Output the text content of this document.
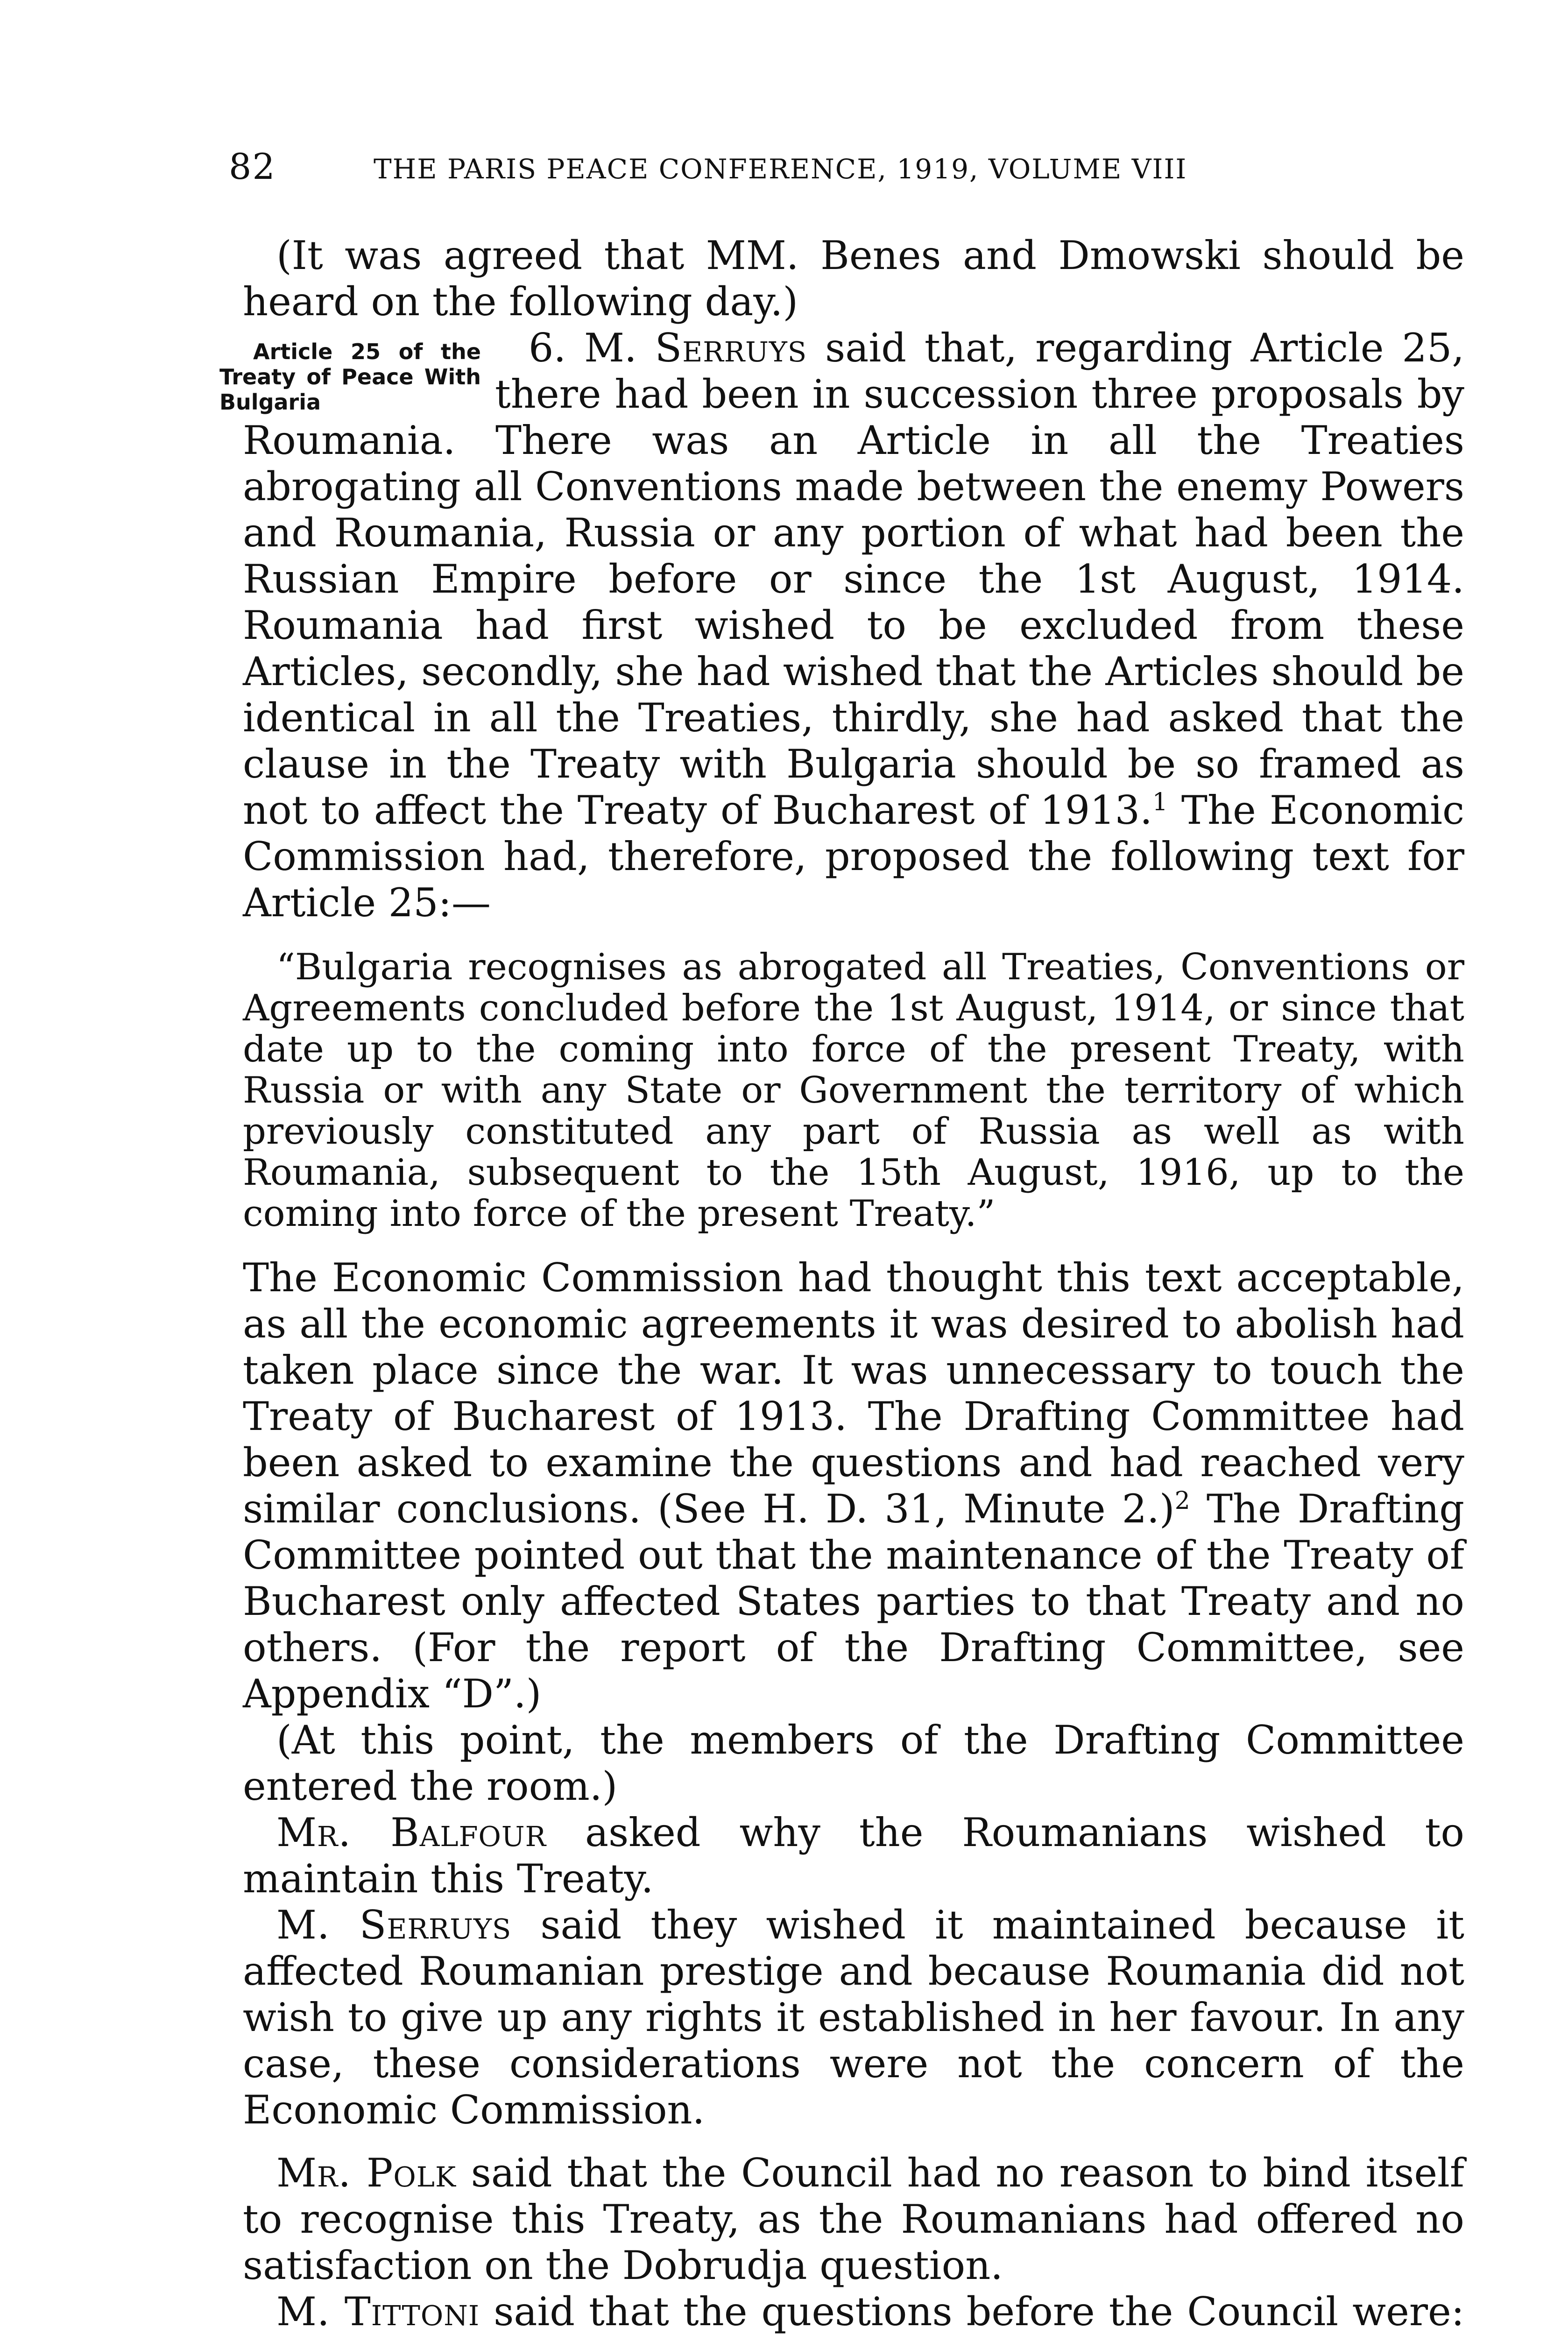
82	THE PARIS PEACE CONFERENCE, 1919, VOLUME VIII

(It was agreed that MM. Benes and Dmowski should be heard on the following day.)

6. M. Serruys
Article 25 of the Treaty of Peace With Bulgaria
said that, regarding Article 25, there had been in succession three proposals by Roumania. There was an Article in all the Treaties abrogating all Conventions made between the enemy Powers and Roumania, Russia or any portion of what had been the Russian Empire before or since the 1st August, 1914. Roumania had first wished to be excluded from these Articles, secondly, she had wished that the Articles should be identical in all the Treaties, thirdly, she had asked that the clause in the Treaty with Bulgaria should be so framed as not to affect the Treaty of Bucharest of 1913.$^1$ The Economic Commission had, therefore, proposed the following text for Article 25:—

“Bulgaria recognises as abrogated all Treaties, Conventions or Agreements concluded before the 1st August, 1914, or since that date up to the coming into force of the present Treaty, with Russia or with any State or Government the territory of which previously constituted any part of Russia as well as with Roumania, subsequent to the 15th August, 1916, up to the coming into force of the present Treaty.”

The Economic Commission had thought this text acceptable, as all the economic agreements it was desired to abolish had taken place since the war. It was unnecessary to touch the Treaty of Bucharest of 1913. The Drafting Committee had been asked to examine the questions and had reached very similar conclusions. (See H. D. 31, Minute 2.)$^2$ The Drafting Committee pointed out that the maintenance of the Treaty of Bucharest only affected States parties to that Treaty and no others. (For the report of the Drafting Committee, see Appendix “D”.)

(At this point, the members of the Drafting Committee entered the room.)

Mr. Balfour asked why the Roumanians wished to maintain this Treaty.

M. Serruys said they wished it maintained because it affected Roumanian prestige and because Roumania did not wish to give up any rights it established in her favour. In any case, these considerations were not the concern of the Economic Commission.

Mr. Polk said that the Council had no reason to bind itself to recognise this Treaty, as the Roumanians had offered no satisfaction on the Dobrudja question.

M. Tittoni said that the questions before the Council were:
